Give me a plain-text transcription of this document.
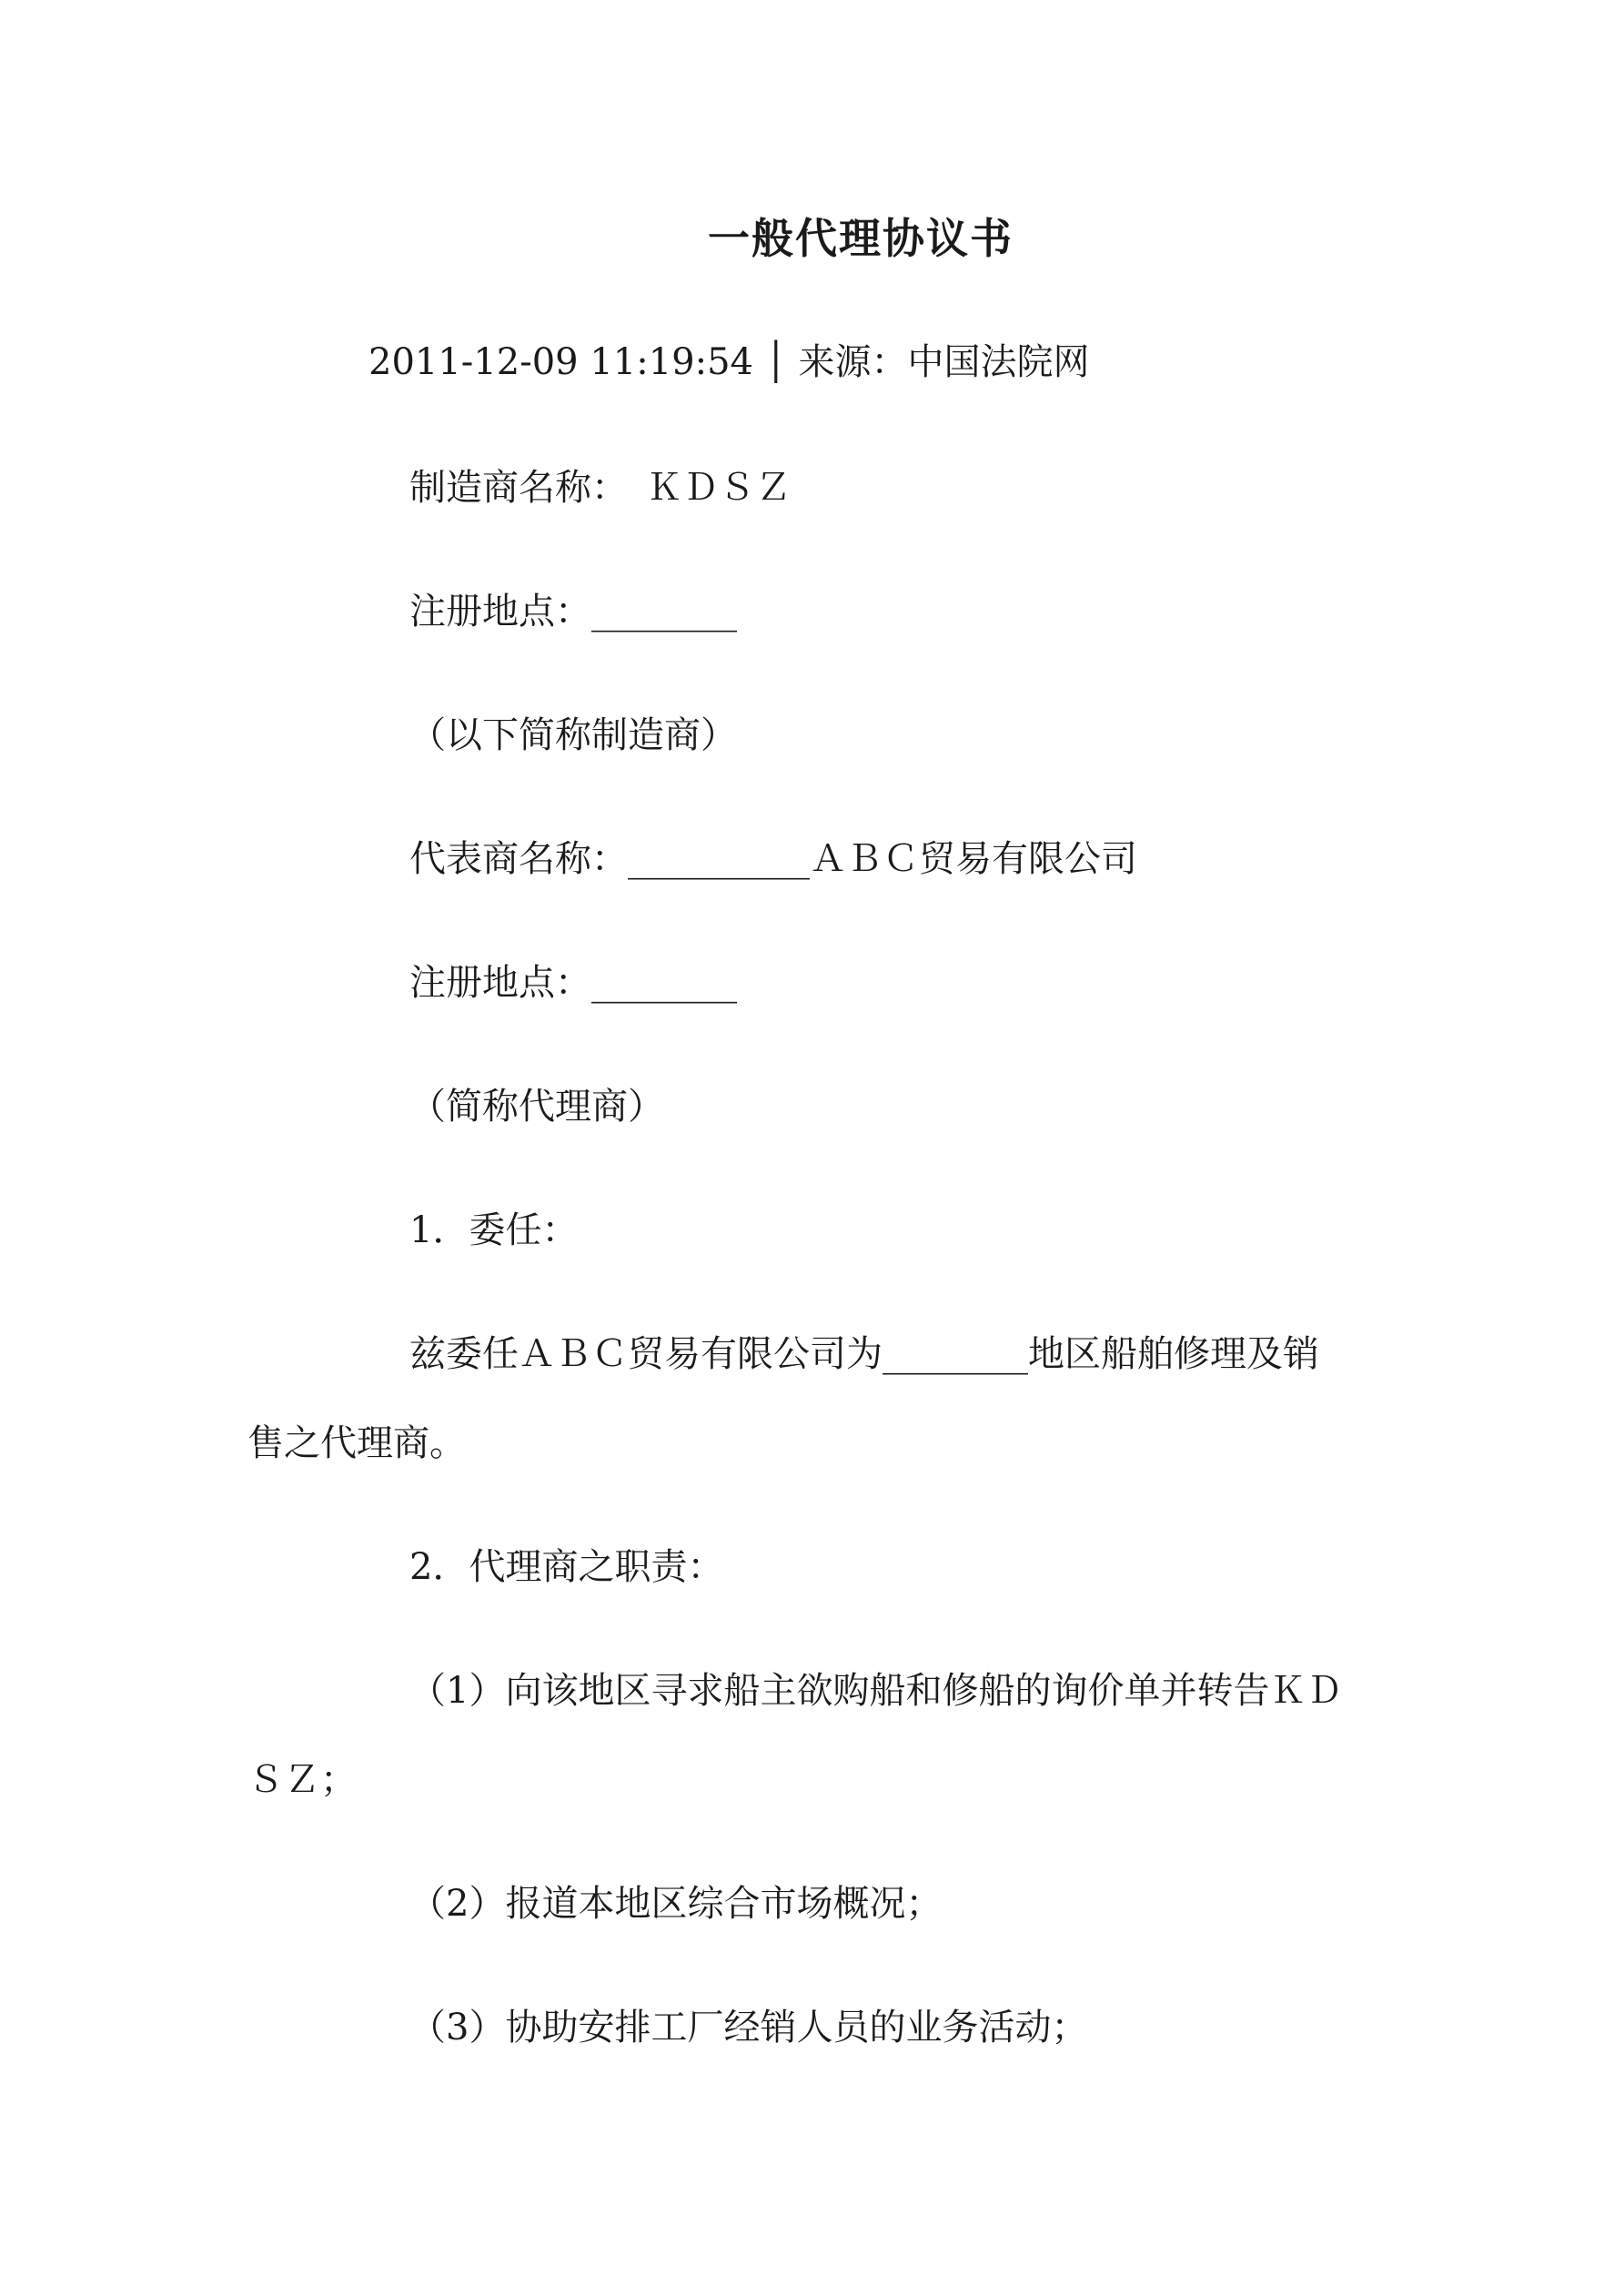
一般代理协议书
2011-12-09 11:19:54 │ 来源：中国法院网
制造商名称：　ＫＤＳＺ
注册地点：________
（以下简称制造商）
代表商名称：__________ＡＢＣ贸易有限公司
注册地点：________
（简称代理商）
1．委任：
兹委任ＡＢＣ贸易有限公司为________地区船舶修理及销
售之代理商。
2．代理商之职责：
（1）向该地区寻求船主欲购船和修船的询价单并转告ＫＤ
ＳＺ；
（2）报道本地区综合市场概况；
（3）协助安排工厂经销人员的业务活动；
